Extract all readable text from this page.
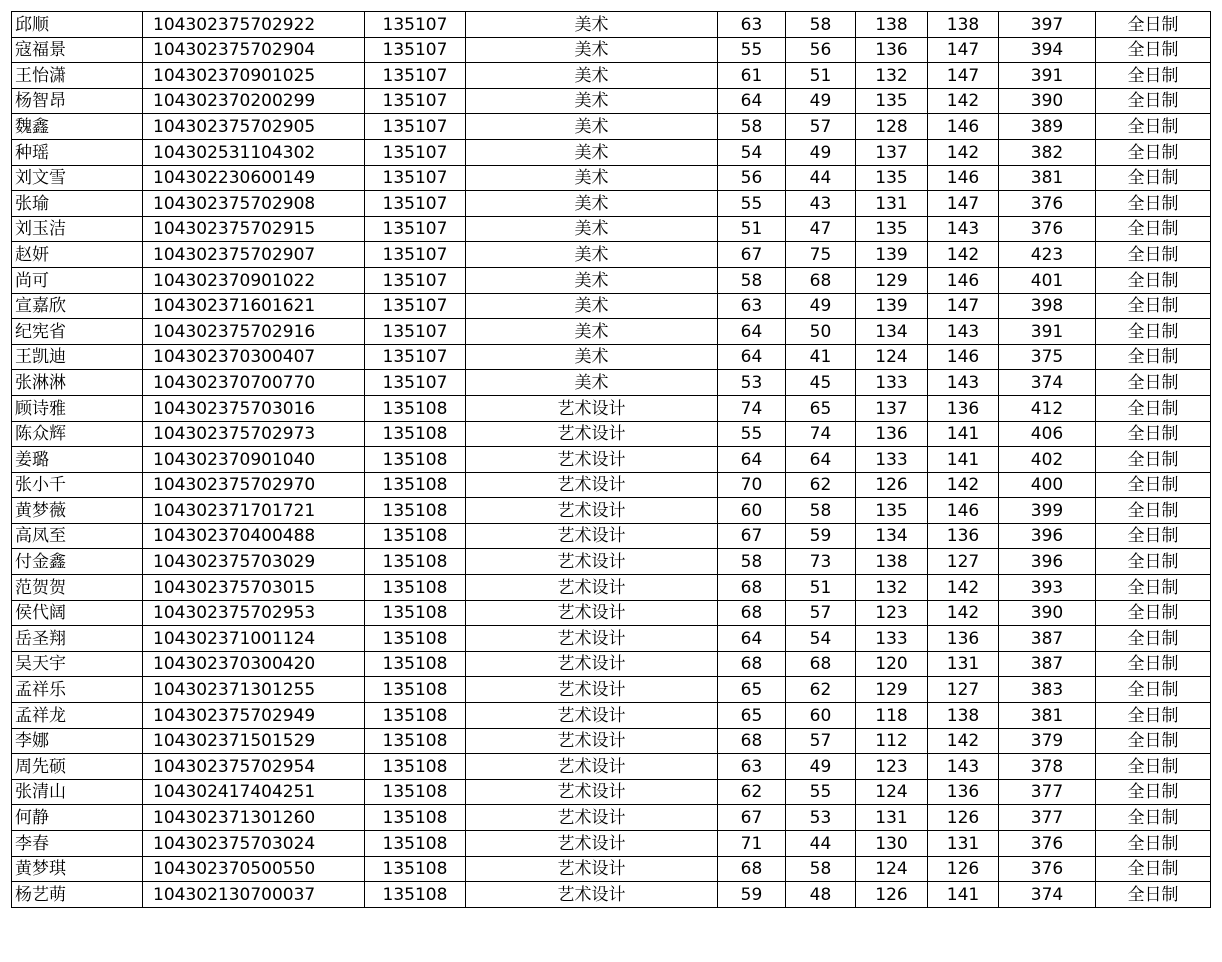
邱顺	104302375702922	135107	美术	63	58	138	138	397	全日制
寇福景	104302375702904	135107	美术	55	56	136	147	394	全日制
王怡潇	104302370901025	135107	美术	61	51	132	147	391	全日制
杨智昂	104302370200299	135107	美术	64	49	135	142	390	全日制
魏鑫	104302375702905	135107	美术	58	57	128	146	389	全日制
种瑶	104302531104302	135107	美术	54	49	137	142	382	全日制
刘文雪	104302230600149	135107	美术	56	44	135	146	381	全日制
张瑜	104302375702908	135107	美术	55	43	131	147	376	全日制
刘玉洁	104302375702915	135107	美术	51	47	135	143	376	全日制
赵妍	104302375702907	135107	美术	67	75	139	142	423	全日制
尚可	104302370901022	135107	美术	58	68	129	146	401	全日制
宣嘉欣	104302371601621	135107	美术	63	49	139	147	398	全日制
纪宪省	104302375702916	135107	美术	64	50	134	143	391	全日制
王凯迪	104302370300407	135107	美术	64	41	124	146	375	全日制
张淋淋	104302370700770	135107	美术	53	45	133	143	374	全日制
顾诗雅	104302375703016	135108	艺术设计	74	65	137	136	412	全日制
陈众辉	104302375702973	135108	艺术设计	55	74	136	141	406	全日制
姜璐	104302370901040	135108	艺术设计	64	64	133	141	402	全日制
张小千	104302375702970	135108	艺术设计	70	62	126	142	400	全日制
黄梦薇	104302371701721	135108	艺术设计	60	58	135	146	399	全日制
高凤至	104302370400488	135108	艺术设计	67	59	134	136	396	全日制
付金鑫	104302375703029	135108	艺术设计	58	73	138	127	396	全日制
范贺贺	104302375703015	135108	艺术设计	68	51	132	142	393	全日制
侯代阔	104302375702953	135108	艺术设计	68	57	123	142	390	全日制
岳圣翔	104302371001124	135108	艺术设计	64	54	133	136	387	全日制
吴天宇	104302370300420	135108	艺术设计	68	68	120	131	387	全日制
孟祥乐	104302371301255	135108	艺术设计	65	62	129	127	383	全日制
孟祥龙	104302375702949	135108	艺术设计	65	60	118	138	381	全日制
李娜	104302371501529	135108	艺术设计	68	57	112	142	379	全日制
周先硕	104302375702954	135108	艺术设计	63	49	123	143	378	全日制
张清山	104302417404251	135108	艺术设计	62	55	124	136	377	全日制
何静	104302371301260	135108	艺术设计	67	53	131	126	377	全日制
李春	104302375703024	135108	艺术设计	71	44	130	131	376	全日制
黄梦琪	104302370500550	135108	艺术设计	68	58	124	126	376	全日制
杨艺萌	104302130700037	135108	艺术设计	59	48	126	141	374	全日制
